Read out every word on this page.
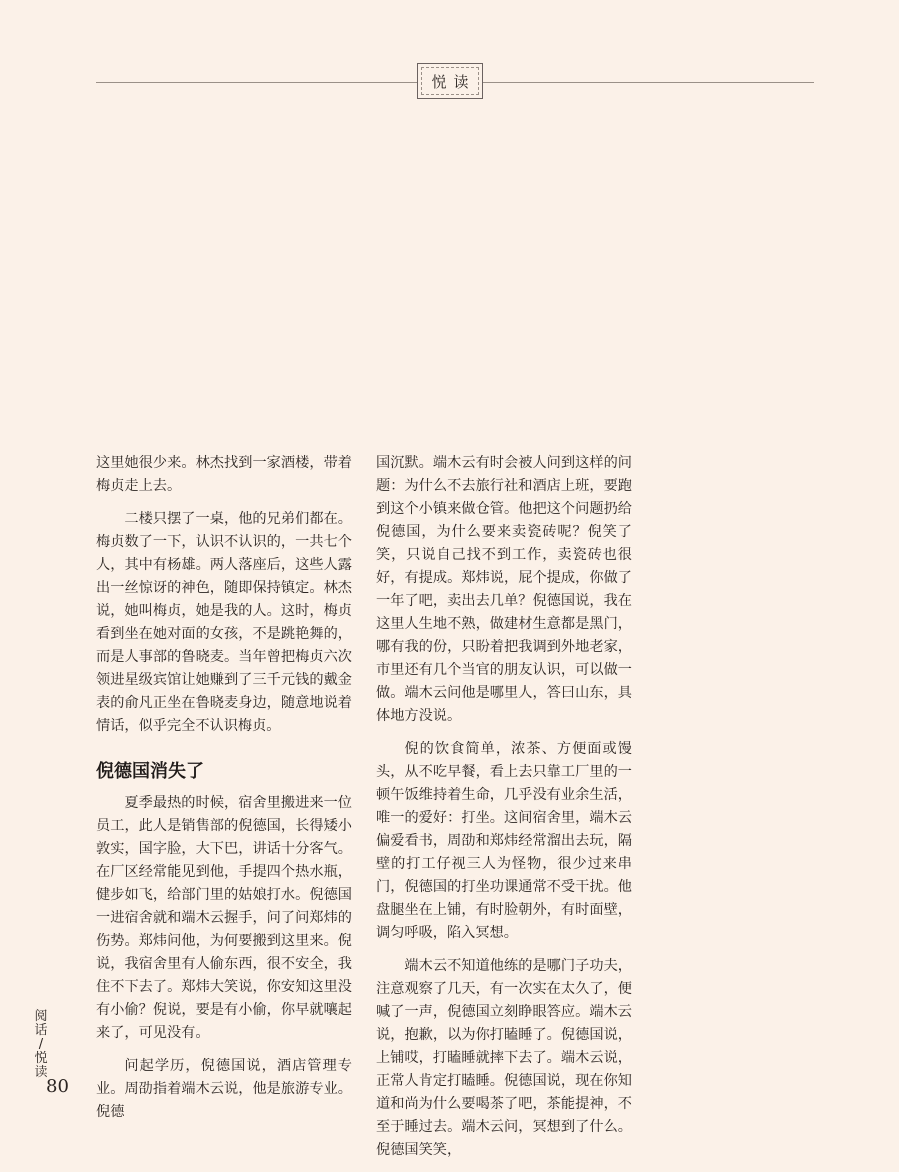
悦读

这里她很少来。林杰找到一家酒楼，带着梅贞走上去。

二楼只摆了一桌，他的兄弟们都在。梅贞数了一下，认识不认识的，一共七个人，其中有杨雄。两人落座后，这些人露出一丝惊讶的神色，随即保持镇定。林杰说，她叫梅贞，她是我的人。这时，梅贞看到坐在她对面的女孩，不是跳艳舞的，而是人事部的鲁晓麦。当年曾把梅贞六次领进星级宾馆让她赚到了三千元钱的戴金表的俞凡正坐在鲁晓麦身边，随意地说着情话，似乎完全不认识梅贞。

倪德国消失了

夏季最热的时候，宿舍里搬进来一位员工，此人是销售部的倪德国，长得矮小敦实，国字脸，大下巴，讲话十分客气。在厂区经常能见到他，手提四个热水瓶，健步如飞，给部门里的姑娘打水。倪德国一进宿舍就和端木云握手，问了问郑炜的伤势。郑炜问他，为何要搬到这里来。倪说，我宿舍里有人偷东西，很不安全，我住不下去了。郑炜大笑说，你安知这里没有小偷？倪说，要是有小偷，你早就嚷起来了，可见没有。

问起学历，倪德国说，酒店管理专业。周劭指着端木云说，他是旅游专业。倪德

国沉默。端木云有时会被人问到这样的问题：为什么不去旅行社和酒店上班，要跑到这个小镇来做仓管。他把这个问题扔给倪德国，为什么要来卖瓷砖呢？倪笑了笑，只说自己找不到工作，卖瓷砖也很好，有提成。郑炜说，屁个提成，你做了一年了吧，卖出去几单？倪德国说，我在这里人生地不熟，做建材生意都是黑门，哪有我的份，只盼着把我调到外地老家，市里还有几个当官的朋友认识，可以做一做。端木云问他是哪里人，答曰山东，具体地方没说。

倪的饮食简单，浓茶、方便面或馒头，从不吃早餐，看上去只靠工厂里的一顿午饭维持着生命，几乎没有业余生活，唯一的爱好：打坐。这间宿舍里，端木云偏爱看书，周劭和郑炜经常溜出去玩，隔壁的打工仔视三人为怪物，很少过来串门，倪德国的打坐功课通常不受干扰。他盘腿坐在上铺，有时脸朝外，有时面壁，调匀呼吸，陷入冥想。

端木云不知道他练的是哪门子功夫，注意观察了几天，有一次实在太久了，便喊了一声，倪德国立刻睁眼答应。端木云说，抱歉，以为你打瞌睡了。倪德国说，上铺哎，打瞌睡就摔下去了。端木云说，正常人肯定打瞌睡。倪德国说，现在你知道和尚为什么要喝茶了吧，茶能提神，不至于睡过去。端木云问，冥想到了什么。倪德国笑笑，

阅话
/
悦读
80
